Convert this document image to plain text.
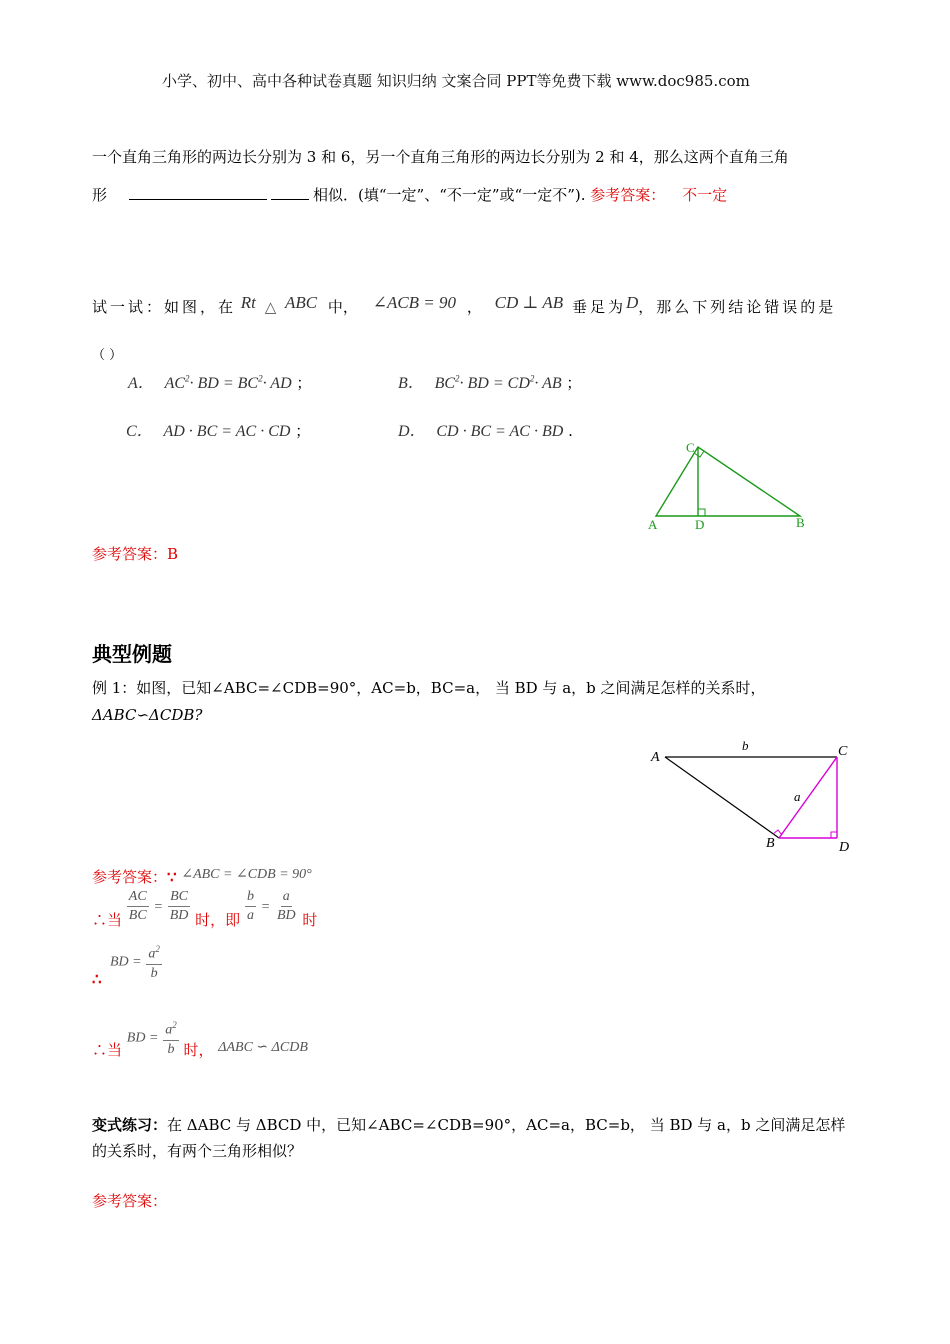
小学、初中、高中各种试卷真题 知识归纳 文案合同 PPT等免费下载 www.doc985.com
一个直角三角形的两边长分别为 3 和 6，另一个直角三角形的两边长分别为 2 和 4，那么这两个直角三角
形	相似．(填“一定”、“不一定”或“一定不”). 参考答案： 不一定
试一试：如图，在 Rt △ ABC 中， ∠ACB = 90 ， CD ⊥ AB 垂足为D，那么下列结论错误的是
（ ）
A． $AC^2\cdot$ BD = $BC^2\cdot$ AD ；	B． $BC^2\cdot$ BD = $CD^2\cdot$ AB ；
C． AD · BC = AC · CD ；	D． CD · BC = AC · BD .
A
C
D	B
参考答案：B
典型例题
例 1：如图，已知∠ABC=∠CDB=90°，AC=b，BC=a， 当 BD 与 a，b 之间满足怎样的关系时，
ΔABC∽ΔCDB?
A	C
B	D
b
a
参考答案：∵ ∠ABC = ∠CDB = 90°
∴当 $\frac{AC}{BC} = \frac{BC}{BD}$ 时，即 $\frac{b}{a} = \frac{a}{BD}$ 时
BD = $\frac{a^2}{b}$
∴
∴当 BD = $\frac{a^2}{b}$ 时， ΔABC ∽ ΔCDB
变式练习：在 ΔABC 与 ΔBCD 中，已知∠ABC=∠CDB=90°，AC=a，BC=b， 当 BD 与 a，b 之间满足怎样
的关系时，有两个三角形相似？
参考答案：
